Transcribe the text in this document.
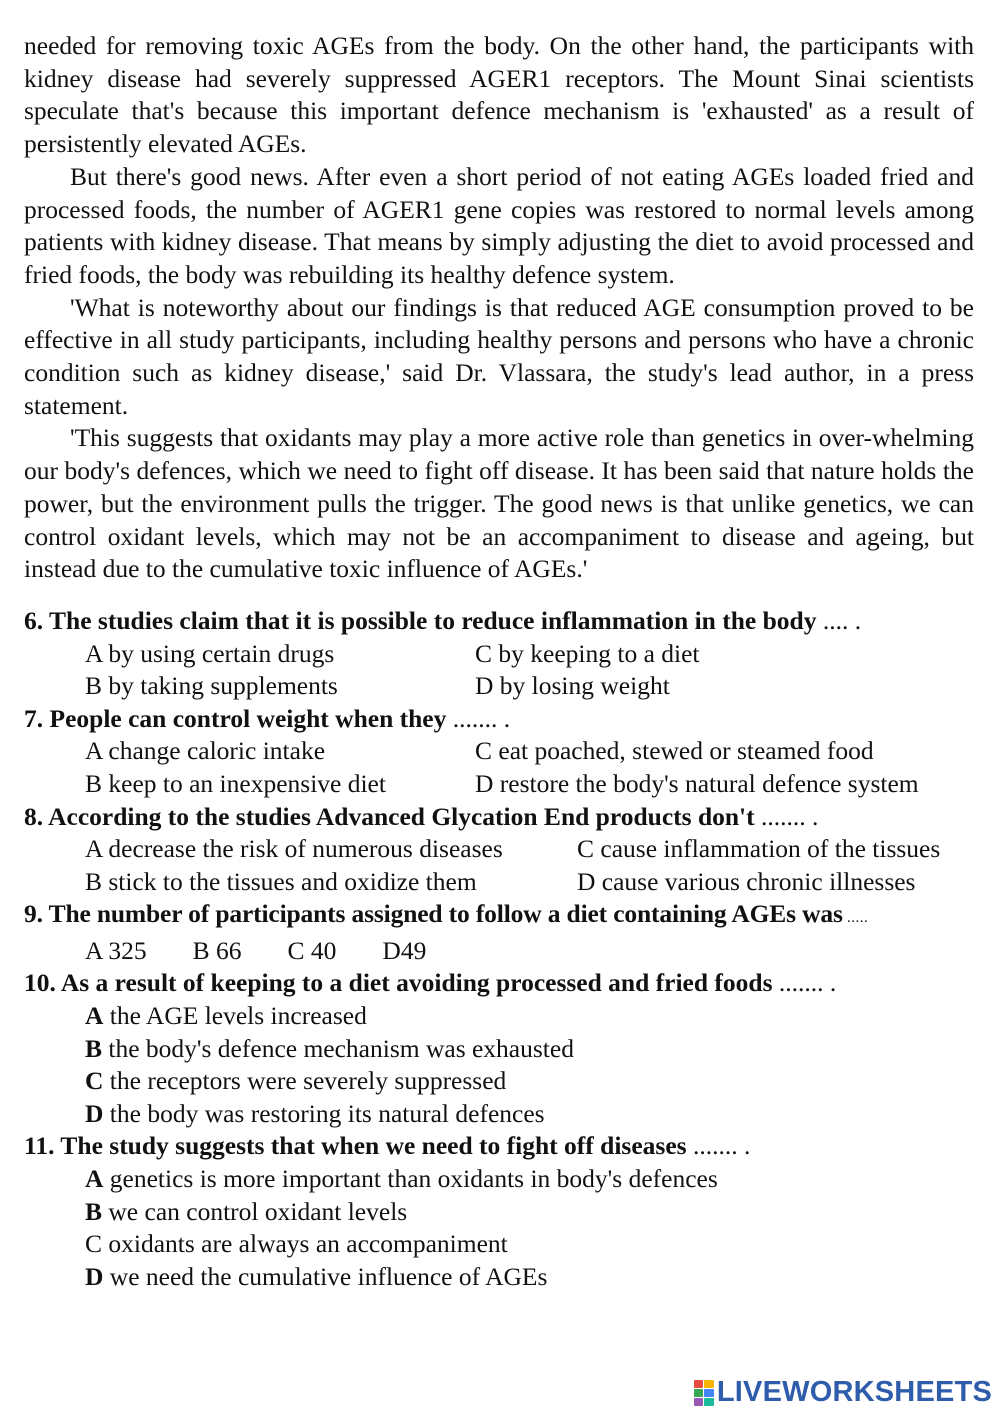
needed for removing toxic AGEs from the body. On the other hand, the participants with kidney disease had severely suppressed AGER1 receptors. The Mount Sinai scientists speculate that's because this important defence mechanism is 'exhausted' as a result of persistently elevated AGEs.

But there's good news. After even a short period of not eating AGEs loaded fried and processed foods, the number of AGER1 gene copies was restored to normal levels among patients with kidney disease. That means by simply adjusting the diet to avoid processed and fried foods, the body was rebuilding its healthy defence system.

'What is noteworthy about our findings is that reduced AGE consumption proved to be effective in all study participants, including healthy persons and persons who have a chronic condition such as kidney disease,' said Dr. Vlassara, the study's lead author, in a press statement.

'This suggests that oxidants may play a more active role than genetics in over-whelming our body's defences, which we need to fight off disease. It has been said that nature holds the power, but the environment pulls the trigger. The good news is that unlike genetics, we can control oxidant levels, which may not be an accompaniment to disease and ageing, but instead due to the cumulative toxic influence of AGEs.'

6. The studies claim that it is possible to reduce inflammation in the body .... .
A by using certain drugs	C by keeping to a diet
B by taking supplements	D by losing weight
7. People can control weight when they ....... .
A change caloric intake	C eat poached, stewed or steamed food
B keep to an inexpensive diet	D restore the body's natural defence system
8. According to the studies Advanced Glycation End products don't ....... .
A decrease the risk of numerous diseases	C cause inflammation of the tissues
B stick to the tissues and oxidize them	D cause various chronic illnesses
9. The number of participants assigned to follow a diet containing AGEs was .....
A 325 B 66 C 40 D49
10. As a result of keeping to a diet avoiding processed and fried foods ....... .
A the AGE levels increased
B the body's defence mechanism was exhausted
C the receptors were severely suppressed
D the body was restoring its natural defences
11. The study suggests that when we need to fight off diseases ....... .
A genetics is more important than oxidants in body's defences
B we can control oxidant levels
C oxidants are always an accompaniment
D we need the cumulative influence of AGEs
LIVEWORKSHEETS
